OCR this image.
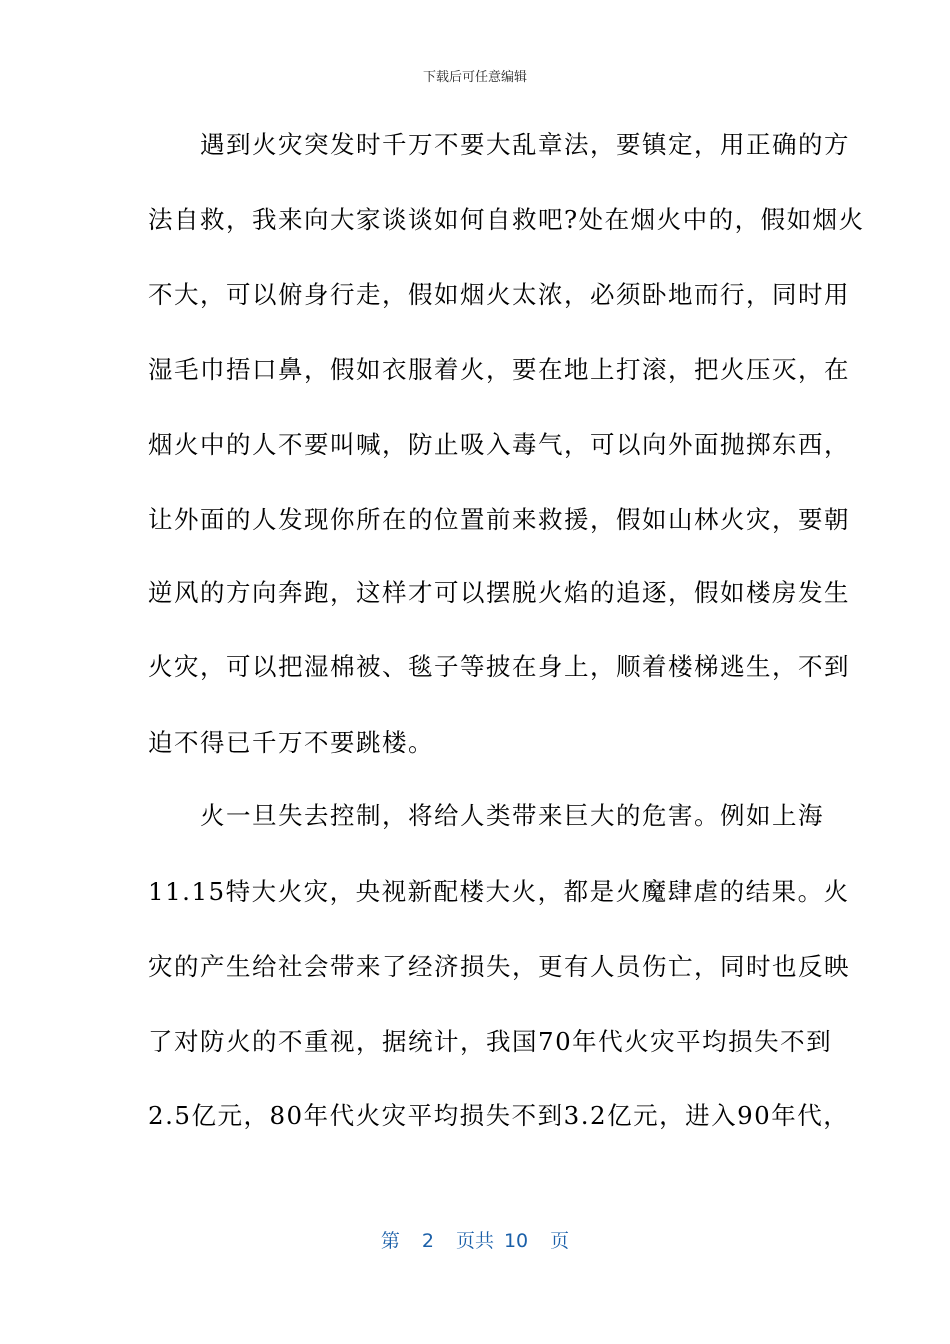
下载后可任意编辑
　　遇到火灾突发时千万不要大乱章法，要镇定，用正确的方
法自救，我来向大家谈谈如何自救吧?处在烟火中的，假如烟火
不大，可以俯身行走，假如烟火太浓，必须卧地而行，同时用
湿毛巾捂口鼻，假如衣服着火，要在地上打滚，把火压灭，在
烟火中的人不要叫喊，防止吸入毒气，可以向外面抛掷东西，
让外面的人发现你所在的位置前来救援，假如山林火灾，要朝
逆风的方向奔跑，这样才可以摆脱火焰的追逐，假如楼房发生
火灾，可以把湿棉被、毯子等披在身上，顺着楼梯逃生，不到
迫不得已千万不要跳楼。
　　火一旦失去控制，将给人类带来巨大的危害。例如上海
11.15特大火灾，央视新配楼大火，都是火魔肆虐的结果。火
灾的产生给社会带来了经济损失，更有人员伤亡，同时也反映
了对防火的不重视，据统计，我国70年代火灾平均损失不到
2.5亿元，80年代火灾平均损失不到3.2亿元，进入90年代，
第 2 页共 10 页
